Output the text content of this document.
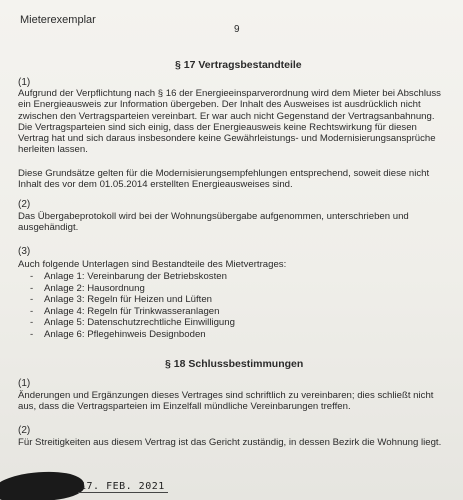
Mieterexemplar
9
§ 17 Vertragsbestandteile
(1)

Aufgrund der Verpflichtung nach § 16 der Energieeinsparverordnung wird dem Mieter bei Abschluss ein Energieausweis zur Information übergeben. Der Inhalt des Ausweises ist ausdrücklich nicht zwischen den Vertragsparteien vereinbart. Er war auch nicht Gegenstand der Vertragsanbahnung. Die Vertragsparteien sind sich einig, dass der Energieausweis keine Rechtswirkung für diesen Vertrag hat und sich daraus insbesondere keine Gewährleistungs- und Modernisierungsansprüche herleiten lassen.

Diese Grundsätze gelten für die Modernisierungsempfehlungen entsprechend, soweit diese nicht Inhalt des vor dem 01.05.2014 erstellten Energieausweises sind.

(2)

Das Übergabeprotokoll wird bei der Wohnungsübergabe aufgenommen, unterschrieben und ausgehändigt.

(3)

Auch folgende Unterlagen sind Bestandteile des Mietvertrages:

-	Anlage 1: Vereinbarung der Betriebskosten
-	Anlage 2: Hausordnung
-	Anlage 3: Regeln für Heizen und Lüften
-	Anlage 4: Regeln für Trinkwasseranlagen
-	Anlage 5: Datenschutzrechtliche Einwilligung
-	Anlage 6: Pflegehinweis Designboden
§ 18 Schlussbestimmungen
(1)

Änderungen und Ergänzungen dieses Vertrages sind schriftlich zu vereinbaren; dies schließt nicht aus, dass die Vertragsparteien im Einzelfall mündliche Vereinbarungen treffen.

(2)

Für Streitigkeiten aus diesem Vertrag ist das Gericht zuständig, in dessen Bezirk die Wohnung liegt.

17. FEB. 2021
